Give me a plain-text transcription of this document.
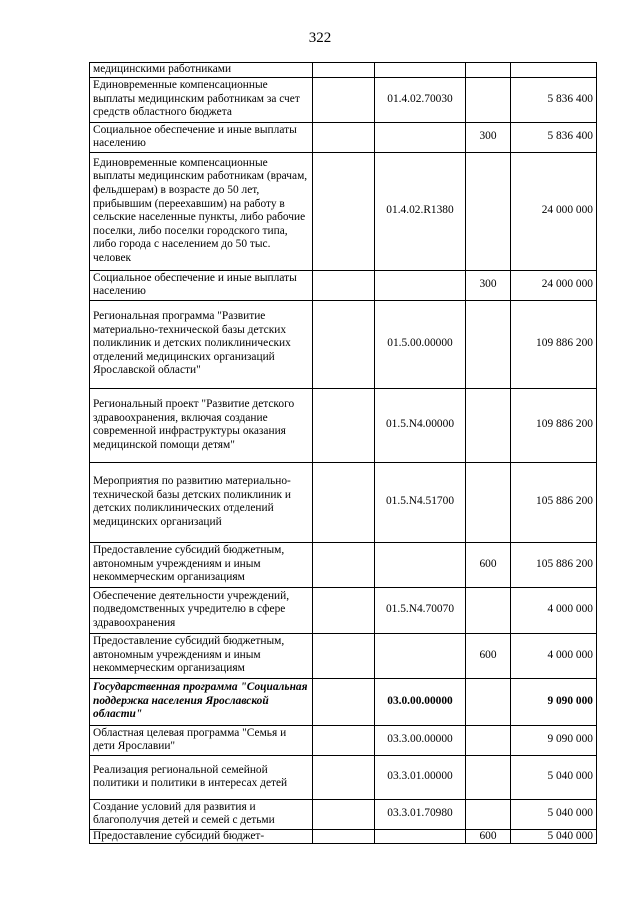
322
медицинскими работниками				
Единовременные компенсационные выплаты медицинским работникам за счет средств областного бюджета		01.4.02.70030		5 836 400
Социальное обеспечение и иные выплаты населению			300	5 836 400
Единовременные компенсационные выплаты медицинским работникам (врачам, фельдшерам) в возрасте до 50 лет, прибывшим (переехавшим) на работу в сельские населенные пункты, либо рабочие поселки, либо поселки городского типа, либо города с населением до 50 тыс. человек		01.4.02.R1380		24 000 000
Социальное обеспечение и иные выплаты населению			300	24 000 000
Региональная программа "Развитие материально-технической базы детских поликлиник и детских поликлинических отделений медицинских организаций Ярославской области"		01.5.00.00000		109 886 200
Региональный проект "Развитие детского здравоохранения, включая создание современной инфраструктуры оказания медицинской помощи детям"		01.5.N4.00000		109 886 200
Мероприятия по развитию материально-технической базы детских поликлиник и детских поликлинических отделений медицинских организаций		01.5.N4.51700		105 886 200
Предоставление субсидий бюджетным, автономным учреждениям и иным некоммерческим организациям			600	105 886 200
Обеспечение деятельности учреждений, подведомственных учредителю в сфере здравоохранения		01.5.N4.70070		4 000 000
Предоставление субсидий бюджетным, автономным учреждениям и иным некоммерческим организациям			600	4 000 000
Государственная программа "Социальная поддержка населения Ярославской области"		03.0.00.00000		9 090 000
Областная целевая программа "Семья и дети Ярославии"		03.3.00.00000		9 090 000
Реализация региональной семейной политики и политики в интересах детей		03.3.01.00000		5 040 000
Создание условий для развития и благополучия детей и семей с детьми		03.3.01.70980		5 040 000
Предоставление субсидий бюджет-			600	5 040 000
